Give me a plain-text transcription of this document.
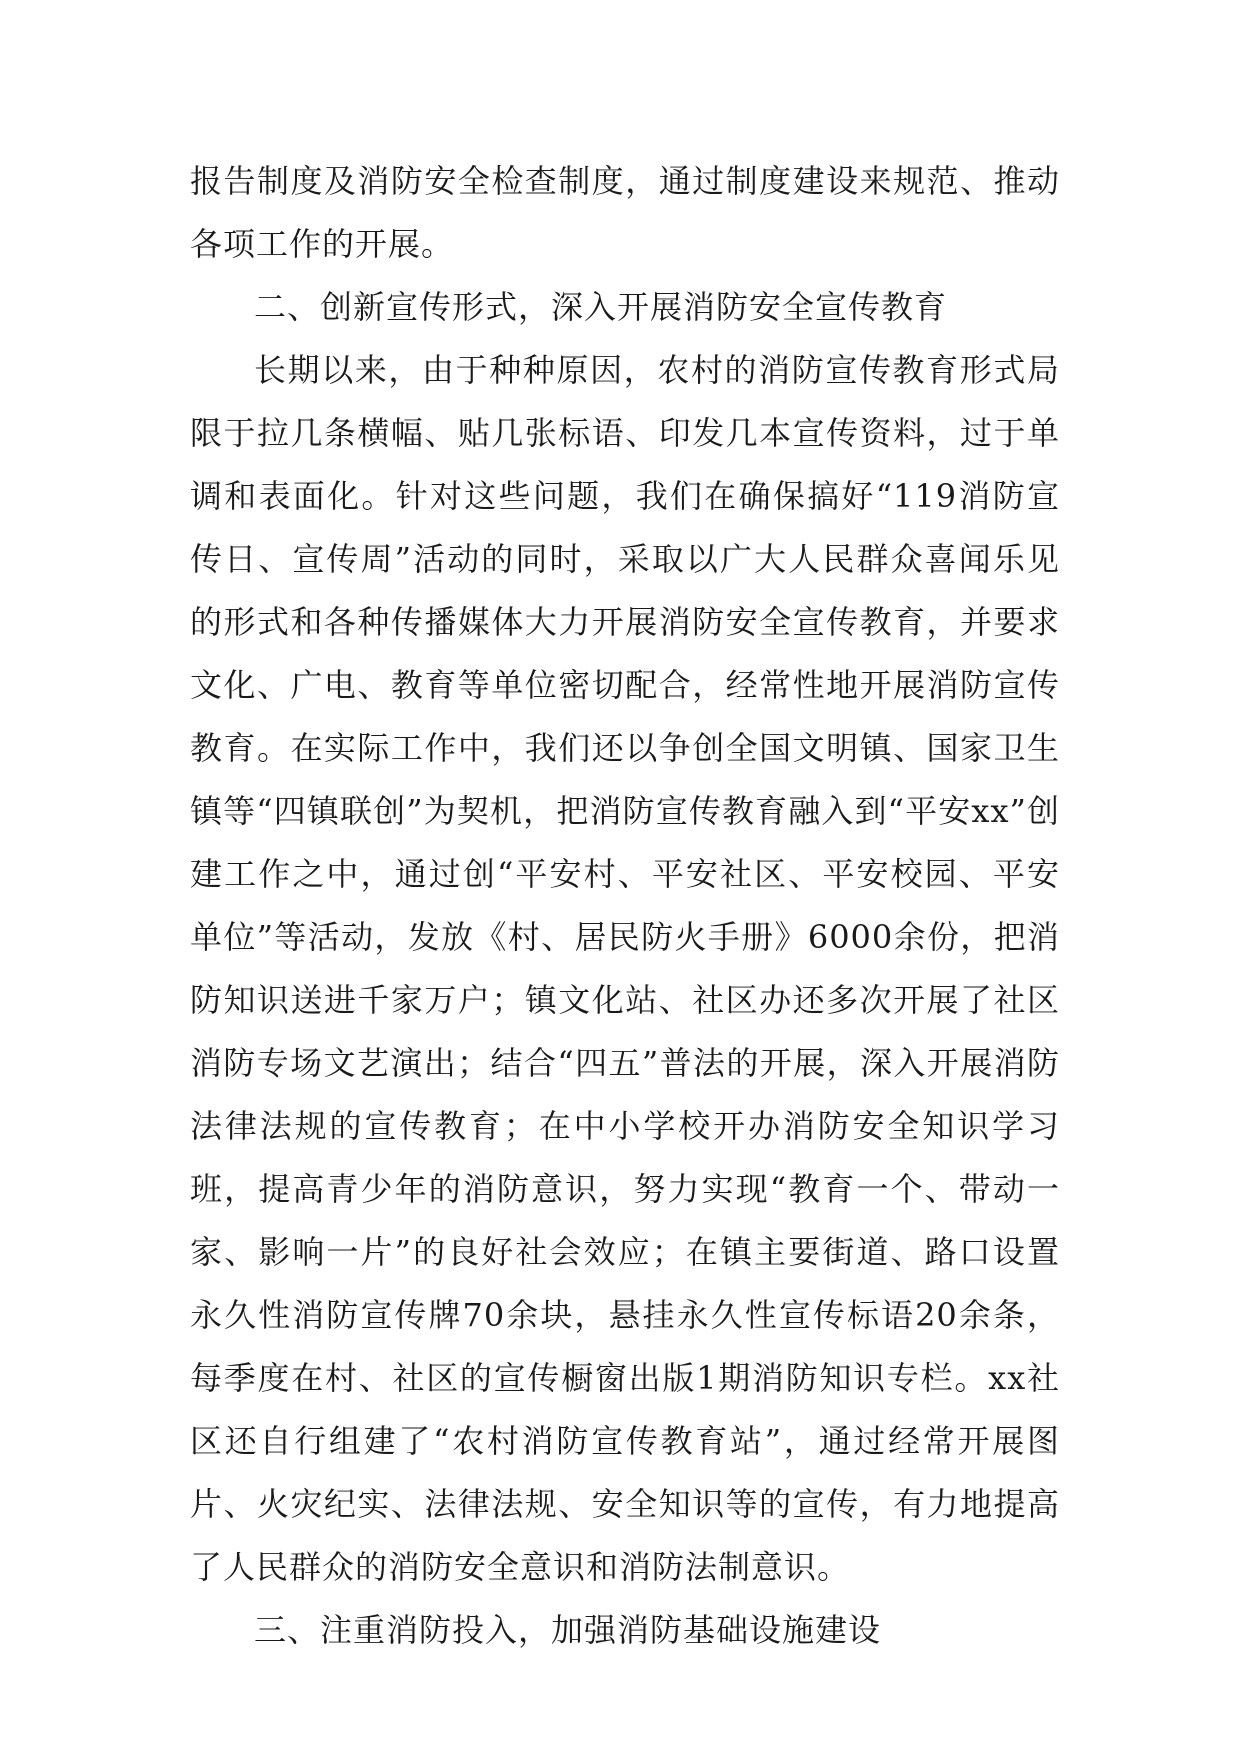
报告制度及消防安全检查制度，通过制度建设来规范、推动各项工作的开展。

二、创新宣传形式，深入开展消防安全宣传教育

长期以来，由于种种原因，农村的消防宣传教育形式局限于拉几条横幅、贴几张标语、印发几本宣传资料，过于单调和表面化。针对这些问题，我们在确保搞好“119消防宣传日、宣传周”活动的同时，采取以广大人民群众喜闻乐见的形式和各种传播媒体大力开展消防安全宣传教育，并要求文化、广电、教育等单位密切配合，经常性地开展消防宣传教育。在实际工作中，我们还以争创全国文明镇、国家卫生镇等“四镇联创”为契机，把消防宣传教育融入到“平安xx”创建工作之中，通过创“平安村、平安社区、平安校园、平安单位”等活动，发放《村、居民防火手册》6000余份，把消防知识送进千家万户；镇文化站、社区办还多次开展了社区消防专场文艺演出；结合“四五”普法的开展，深入开展消防法律法规的宣传教育；在中小学校开办消防安全知识学习班，提高青少年的消防意识，努力实现“教育一个、带动一家、影响一片”的良好社会效应；在镇主要街道、路口设置永久性消防宣传牌70余块，悬挂永久性宣传标语20余条，每季度在村、社区的宣传橱窗出版1期消防知识专栏。xx社区还自行组建了“农村消防宣传教育站”，通过经常开展图片、火灾纪实、法律法规、安全知识等的宣传，有力地提高了人民群众的消防安全意识和消防法制意识。

三、注重消防投入，加强消防基础设施建设
